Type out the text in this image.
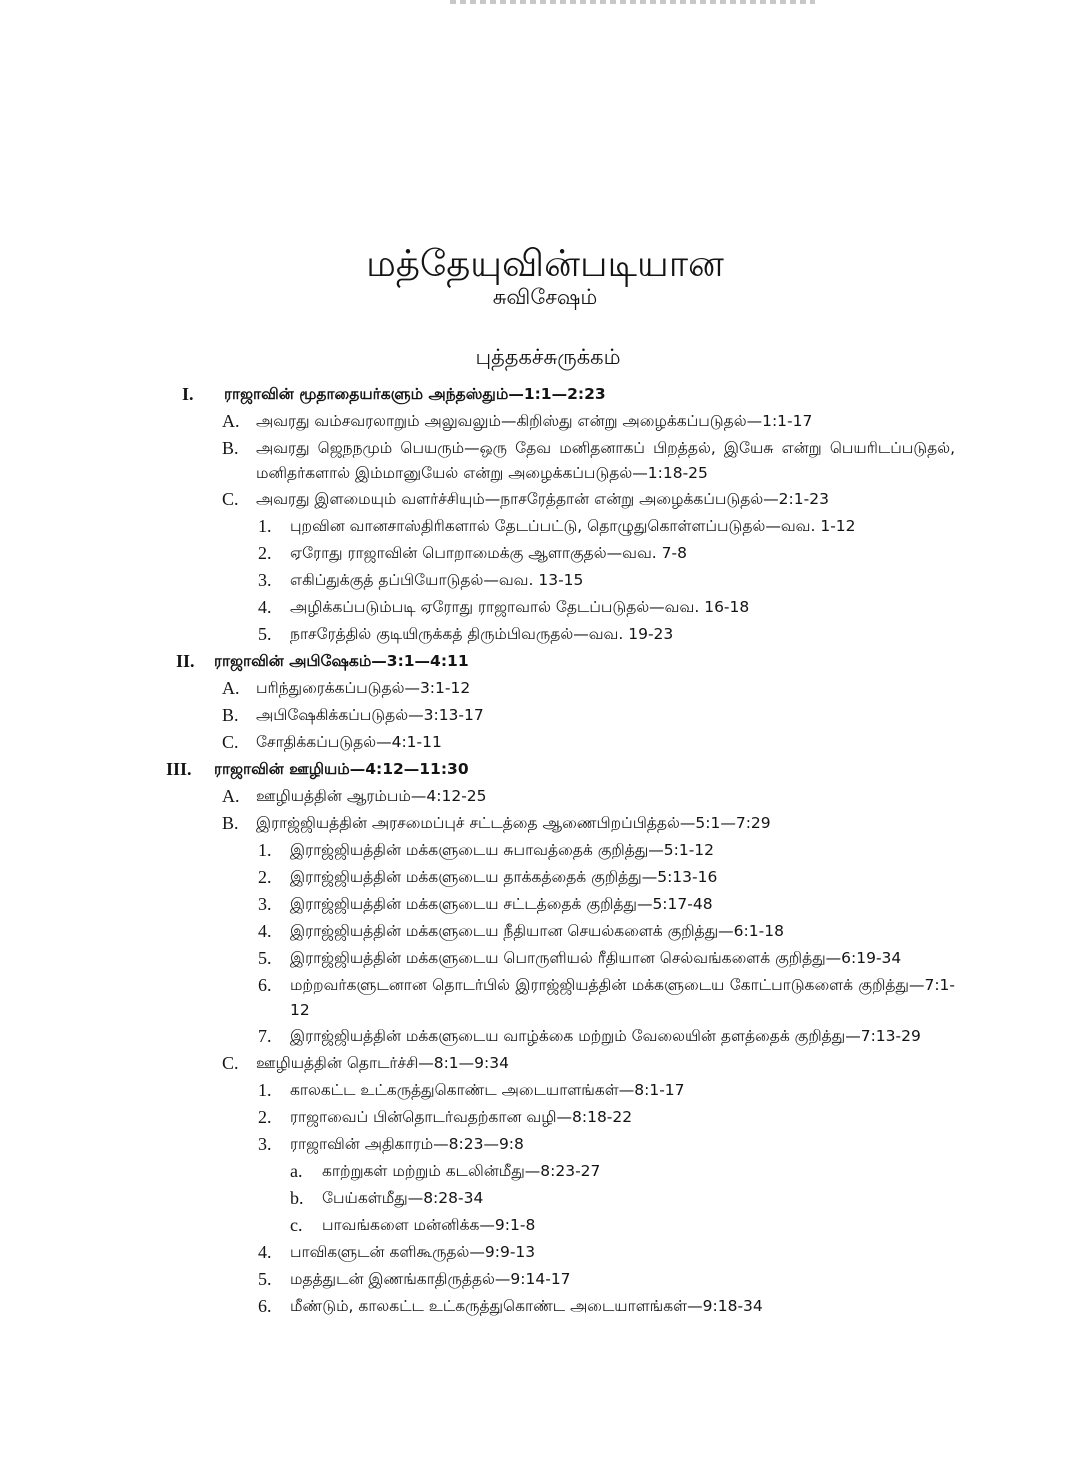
மத்தேயுவின்படியான
சுவிசேஷம்
புத்தகச்சுருக்கம்
I. ராஜாவின் மூதாதையர்களும் அந்தஸ்தும்—1:1—2:23
A. அவரது வம்சவரலாறும் அலுவலும்—கிறிஸ்து என்று அழைக்கப்படுதல்—1:1-17
B. அவரது ஜெநநமும் பெயரும்—ஒரு தேவ மனிதனாகப் பிறத்தல், இயேசு என்று பெயரிடப்படுதல், மனிதர்களால் இம்மானுயேல் என்று அழைக்கப்படுதல்—1:18-25
C. அவரது இளமையும் வளர்ச்சியும்—நாசரேத்தான் என்று அழைக்கப்படுதல்—2:1-23
1. புறவின வானசாஸ்திரிகளால் தேடப்பட்டு, தொழுதுகொள்ளப்படுதல்—வவ. 1-12
2. ஏரோது ராஜாவின் பொறாமைக்கு ஆளாகுதல்—வவ. 7-8
3. எகிப்துக்குத் தப்பியோடுதல்—வவ. 13-15
4. அழிக்கப்படும்படி ஏரோது ராஜாவால் தேடப்படுதல்—வவ. 16-18
5. நாசரேத்தில் குடியிருக்கத் திரும்பிவருதல்—வவ. 19-23
II. ராஜாவின் அபிஷேகம்—3:1—4:11
A. பரிந்துரைக்கப்படுதல்—3:1-12
B. அபிஷேகிக்கப்படுதல்—3:13-17
C. சோதிக்கப்படுதல்—4:1-11
III. ராஜாவின் ஊழியம்—4:12—11:30
A. ஊழியத்தின் ஆரம்பம்—4:12-25
B. இராஜ்ஜியத்தின் அரசமைப்புச் சட்டத்தை ஆணைபிறப்பித்தல்—5:1—7:29
1. இராஜ்ஜியத்தின் மக்களுடைய சுபாவத்தைக் குறித்து—5:1-12
2. இராஜ்ஜியத்தின் மக்களுடைய தாக்கத்தைக் குறித்து—5:13-16
3. இராஜ்ஜியத்தின் மக்களுடைய சட்டத்தைக் குறித்து—5:17-48
4. இராஜ்ஜியத்தின் மக்களுடைய நீதியான செயல்களைக் குறித்து—6:1-18
5. இராஜ்ஜியத்தின் மக்களுடைய பொருளியல் ரீதியான செல்வங்களைக் குறித்து—6:19-34
6. மற்றவர்களுடனான தொடர்பில் இராஜ்ஜியத்தின் மக்களுடைய கோட்பாடுகளைக் குறித்து—7:1-12
7. இராஜ்ஜியத்தின் மக்களுடைய வாழ்க்கை மற்றும் வேலையின் தளத்தைக் குறித்து—7:13-29
C. ஊழியத்தின் தொடர்ச்சி—8:1—9:34
1. காலகட்ட உட்கருத்துகொண்ட அடையாளங்கள்—8:1-17
2. ராஜாவைப் பின்தொடர்வதற்கான வழி—8:18-22
3. ராஜாவின் அதிகாரம்—8:23—9:8
a. காற்றுகள் மற்றும் கடலின்மீது—8:23-27
b. பேய்கள்மீது—8:28-34
c. பாவங்களை மன்னிக்க—9:1-8
4. பாவிகளுடன் களிகூருதல்—9:9-13
5. மதத்துடன் இணங்காதிருத்தல்—9:14-17
6. மீண்டும், காலகட்ட உட்கருத்துகொண்ட அடையாளங்கள்—9:18-34
